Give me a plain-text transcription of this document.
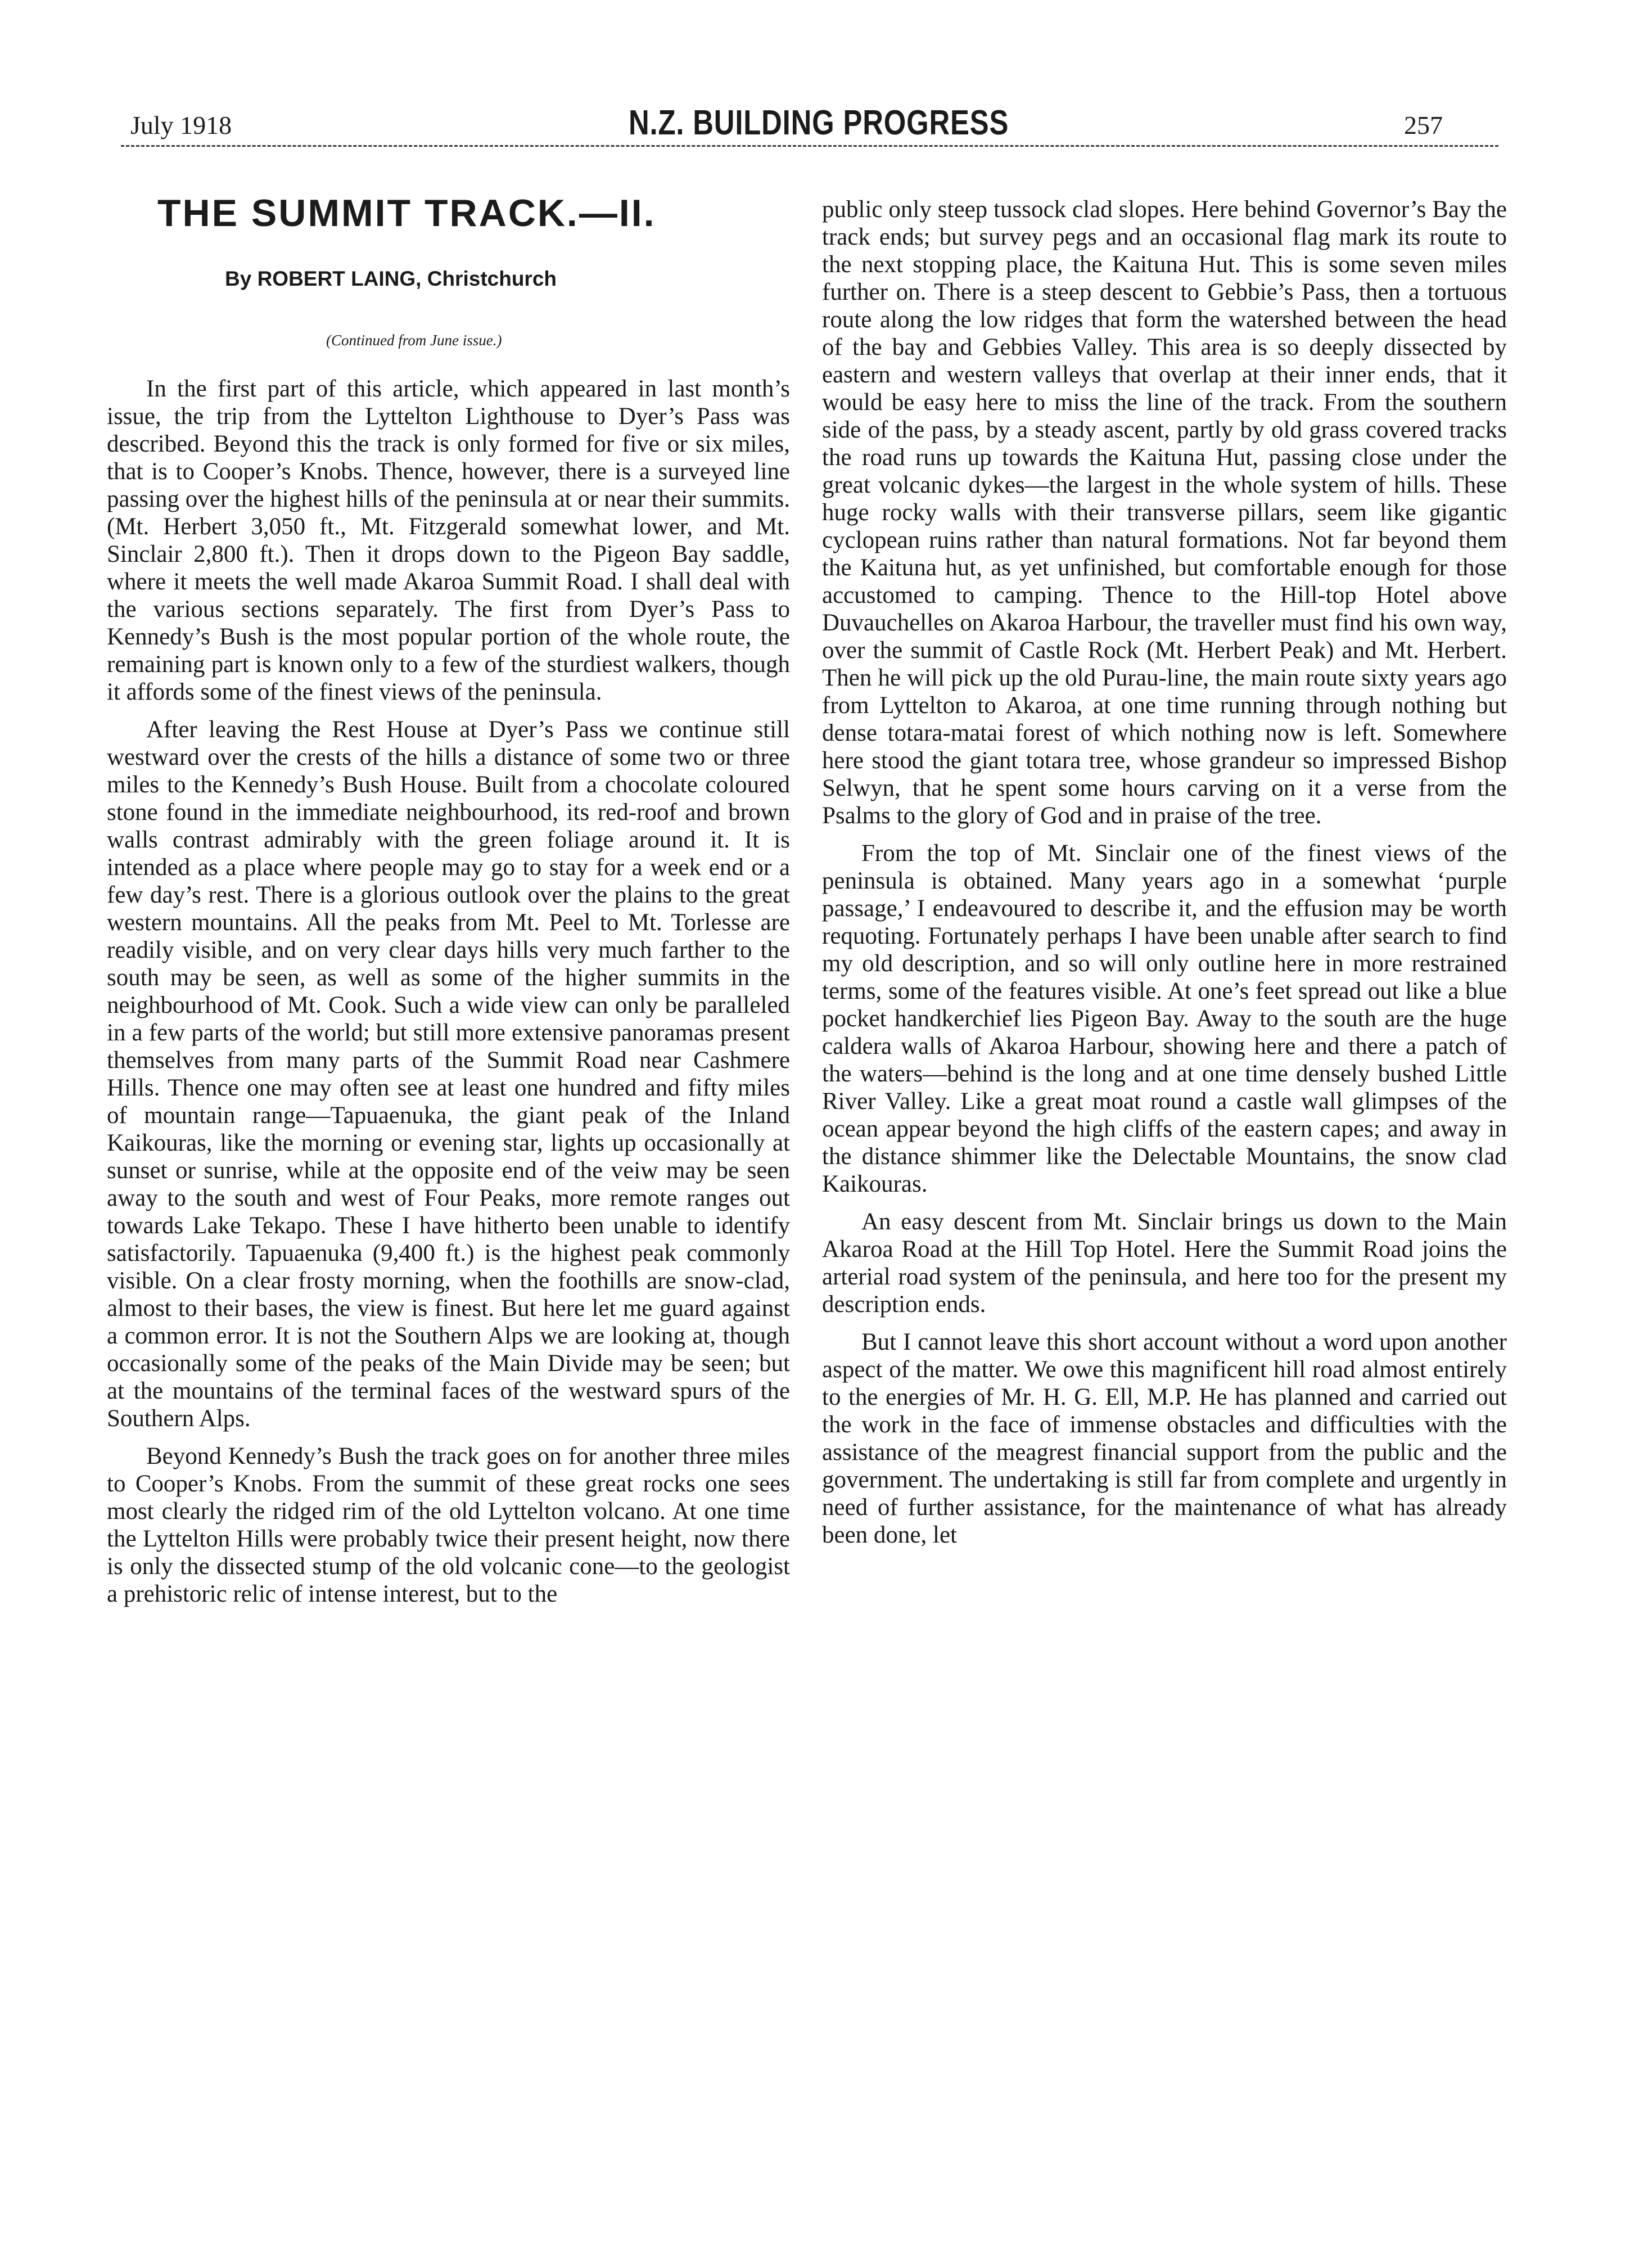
July 1918	N.Z. BUILDING PROGRESS	257
THE SUMMIT TRACK.—II.
By ROBERT LAING, Christchurch
(Continued from June issue.)

In the first part of this article, which appeared in last month’s issue, the trip from the Lyttelton Lighthouse to Dyer’s Pass was described. Beyond this the track is only formed for five or six miles, that is to Cooper’s Knobs. Thence, however, there is a surveyed line passing over the highest hills of the peninsula at or near their summits. (Mt. Herbert 3,050 ft., Mt. Fitzgerald somewhat lower, and Mt. Sinclair 2,800 ft.). Then it drops down to the Pigeon Bay saddle, where it meets the well made Akaroa Summit Road. I shall deal with the various sections separately. The first from Dyer’s Pass to Kennedy’s Bush is the most popular portion of the whole route, the remaining part is known only to a few of the sturdiest walkers, though it affords some of the finest views of the peninsula.

After leaving the Rest House at Dyer’s Pass we continue still westward over the crests of the hills a distance of some two or three miles to the Kennedy’s Bush House. Built from a chocolate coloured stone found in the immediate neighbourhood, its red-roof and brown walls contrast admirably with the green foliage around it. It is intended as a place where people may go to stay for a week end or a few day’s rest. There is a glorious outlook over the plains to the great western mountains. All the peaks from Mt. Peel to Mt. Torlesse are readily visible, and on very clear days hills very much farther to the south may be seen, as well as some of the higher summits in the neighbourhood of Mt. Cook. Such a wide view can only be paralleled in a few parts of the world; but still more extensive panoramas present themselves from many parts of the Summit Road near Cashmere Hills. Thence one may often see at least one hundred and fifty miles of mountain range—Tapuaenuka, the giant peak of the Inland Kaikouras, like the morning or evening star, lights up occasionally at sunset or sunrise, while at the opposite end of the veiw may be seen away to the south and west of Four Peaks, more remote ranges out towards Lake Tekapo. These I have hitherto been unable to identify satisfactorily. Tapuaenuka (9,400 ft.) is the highest peak commonly visible. On a clear frosty morning, when the foothills are snow-clad, almost to their bases, the view is finest. But here let me guard against a common error. It is not the Southern Alps we are looking at, though occasionally some of the peaks of the Main Divide may be seen; but at the mountains of the terminal faces of the westward spurs of the Southern Alps.

Beyond Kennedy’s Bush the track goes on for another three miles to Cooper’s Knobs. From the summit of these great rocks one sees most clearly the ridged rim of the old Lyttelton volcano. At one time the Lyttelton Hills were probably twice their present height, now there is only the dissected stump of the old volcanic cone—to the geologist a prehistoric relic of intense interest, but to the

public only steep tussock clad slopes. Here behind Governor’s Bay the track ends; but survey pegs and an occasional flag mark its route to the next stopping place, the Kaituna Hut. This is some seven miles further on. There is a steep descent to Gebbie’s Pass, then a tortuous route along the low ridges that form the watershed between the head of the bay and Gebbies Valley. This area is so deeply dissected by eastern and western valleys that overlap at their inner ends, that it would be easy here to miss the line of the track. From the southern side of the pass, by a steady ascent, partly by old grass covered tracks the road runs up towards the Kaituna Hut, passing close under the great volcanic dykes—the largest in the whole system of hills. These huge rocky walls with their transverse pillars, seem like gigantic cyclopean ruins rather than natural formations. Not far beyond them the Kaituna hut, as yet unfinished, but comfortable enough for those accustomed to camping. Thence to the Hill-top Hotel above Duvauchelles on Akaroa Harbour, the traveller must find his own way, over the summit of Castle Rock (Mt. Herbert Peak) and Mt. Herbert. Then he will pick up the old Purau-line, the main route sixty years ago from Lyttelton to Akaroa, at one time running through nothing but dense totara-matai forest of which nothing now is left. Somewhere here stood the giant totara tree, whose grandeur so impressed Bishop Selwyn, that he spent some hours carving on it a verse from the Psalms to the glory of God and in praise of the tree.

From the top of Mt. Sinclair one of the finest views of the peninsula is obtained. Many years ago in a somewhat ‘purple passage,’ I endeavoured to describe it, and the effusion may be worth requoting. Fortunately perhaps I have been unable after search to find my old description, and so will only outline here in more restrained terms, some of the features visible. At one’s feet spread out like a blue pocket handkerchief lies Pigeon Bay. Away to the south are the huge caldera walls of Akaroa Harbour, showing here and there a patch of the waters—behind is the long and at one time densely bushed Little River Valley. Like a great moat round a castle wall glimpses of the ocean appear beyond the high cliffs of the eastern capes; and away in the distance shimmer like the Delectable Mountains, the snow clad Kaikouras.

An easy descent from Mt. Sinclair brings us down to the Main Akaroa Road at the Hill Top Hotel. Here the Summit Road joins the arterial road system of the peninsula, and here too for the present my description ends.

But I cannot leave this short account without a word upon another aspect of the matter. We owe this magnificent hill road almost entirely to the energies of Mr. H. G. Ell, M.P. He has planned and carried out the work in the face of immense obstacles and difficulties with the assistance of the meagrest financial support from the public and the government. The undertaking is still far from complete and urgently in need of further assistance, for the maintenance of what has already been done, let
